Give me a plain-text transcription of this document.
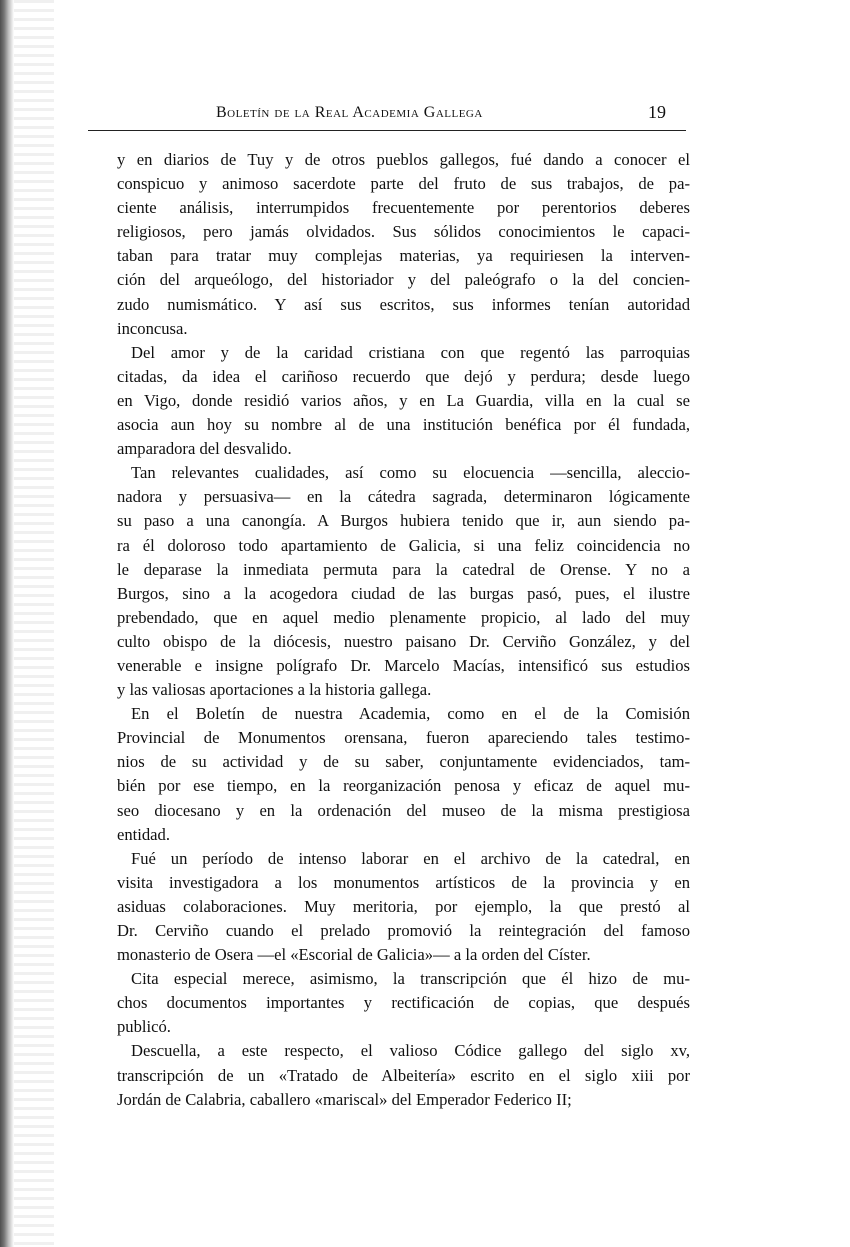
Boletín de la Real Academia Gallega	19
y en diarios de Tuy y de otros pueblos gallegos, fué dando a conocer el
conspicuo y animoso sacerdote parte del fruto de sus trabajos, de pa-
ciente análisis, interrumpidos frecuentemente por perentorios deberes
religiosos, pero jamás olvidados. Sus sólidos conocimientos le capaci-
taban para tratar muy complejas materias, ya requiriesen la interven-
ción del arqueólogo, del historiador y del paleógrafo o la del concien-
zudo numismático. Y así sus escritos, sus informes tenían autoridad
inconcusa.
Del amor y de la caridad cristiana con que regentó las parroquias
citadas, da idea el cariñoso recuerdo que dejó y perdura; desde luego
en Vigo, donde residió varios años, y en La Guardia, villa en la cual se
asocia aun hoy su nombre al de una institución benéfica por él fundada,
amparadora del desvalido.
Tan relevantes cualidades, así como su elocuencia —sencilla, aleccio-
nadora y persuasiva— en la cátedra sagrada, determinaron lógicamente
su paso a una canongía. A Burgos hubiera tenido que ir, aun siendo pa-
ra él doloroso todo apartamiento de Galicia, si una feliz coincidencia no
le deparase la inmediata permuta para la catedral de Orense. Y no a
Burgos, sino a la acogedora ciudad de las burgas pasó, pues, el ilustre
prebendado, que en aquel medio plenamente propicio, al lado del muy
culto obispo de la diócesis, nuestro paisano Dr. Cerviño González, y del
venerable e insigne polígrafo Dr. Marcelo Macías, intensificó sus estudios
y las valiosas aportaciones a la historia gallega.
En el Boletín de nuestra Academia, como en el de la Comisión
Provincial de Monumentos orensana, fueron apareciendo tales testimo-
nios de su actividad y de su saber, conjuntamente evidenciados, tam-
bién por ese tiempo, en la reorganización penosa y eficaz de aquel mu-
seo diocesano y en la ordenación del museo de la misma prestigiosa
entidad.
Fué un período de intenso laborar en el archivo de la catedral, en
visita investigadora a los monumentos artísticos de la provincia y en
asiduas colaboraciones. Muy meritoria, por ejemplo, la que prestó al
Dr. Cerviño cuando el prelado promovió la reintegración del famoso
monasterio de Osera —el «Escorial de Galicia»— a la orden del Císter.
Cita especial merece, asimismo, la transcripción que él hizo de mu-
chos documentos importantes y rectificación de copias, que después
publicó.
Descuella, a este respecto, el valioso Códice gallego del siglo xv,
transcripción de un «Tratado de Albeitería» escrito en el siglo xiii por
Jordán de Calabria, caballero «mariscal» del Emperador Federico II;
